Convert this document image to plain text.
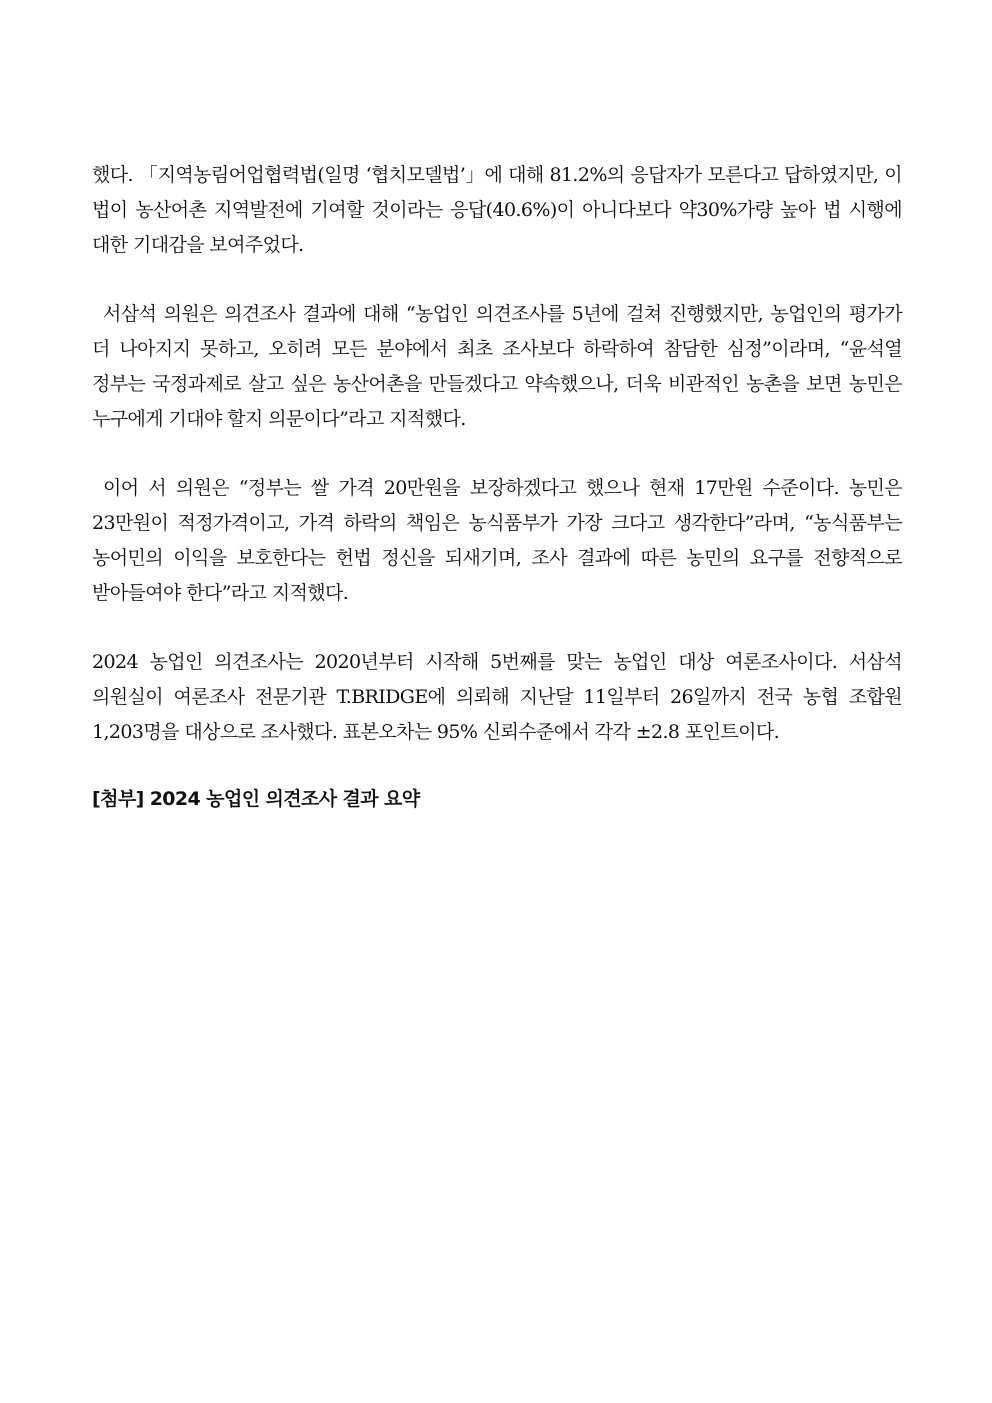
했다. 「지역농림어업협력법(일명 ‘협치모델법’」에 대해 81.2%의 응답자가 모른다고 답하였지만, 이 법이 농산어촌 지역발전에 기여할 것이라는 응답(40.6%)이 아니다보다 약30%가량 높아 법 시행에 대한 기대감을 보여주었다.

서삼석 의원은 의견조사 결과에 대해 “농업인 의견조사를 5년에 걸쳐 진행했지만, 농업인의 평가가 더 나아지지 못하고, 오히려 모든 분야에서 최초 조사보다 하락하여 참담한 심정”이라며, “윤석열 정부는 국정과제로 살고 싶은 농산어촌을 만들겠다고 약속했으나, 더욱 비관적인 농촌을 보면 농민은 누구에게 기대야 할지 의문이다”라고 지적했다.

이어 서 의원은 “정부는 쌀 가격 20만원을 보장하겠다고 했으나 현재 17만원 수준이다. 농민은 23만원이 적정가격이고, 가격 하락의 책임은 농식품부가 가장 크다고 생각한다”라며, “농식품부는 농어민의 이익을 보호한다는 헌법 정신을 되새기며, 조사 결과에 따른 농민의 요구를 전향적으로 받아들여야 한다”라고 지적했다.

2024 농업인 의견조사는 2020년부터 시작해 5번째를 맞는 농업인 대상 여론조사이다. 서삼석 의원실이 여론조사 전문기관 T.BRIDGE에 의뢰해 지난달 11일부터 26일까지 전국 농협 조합원 1,203명을 대상으로 조사했다. 표본오차는 95% 신뢰수준에서 각각 ±2.8 포인트이다.

[첨부] 2024 농업인 의견조사 결과 요약
